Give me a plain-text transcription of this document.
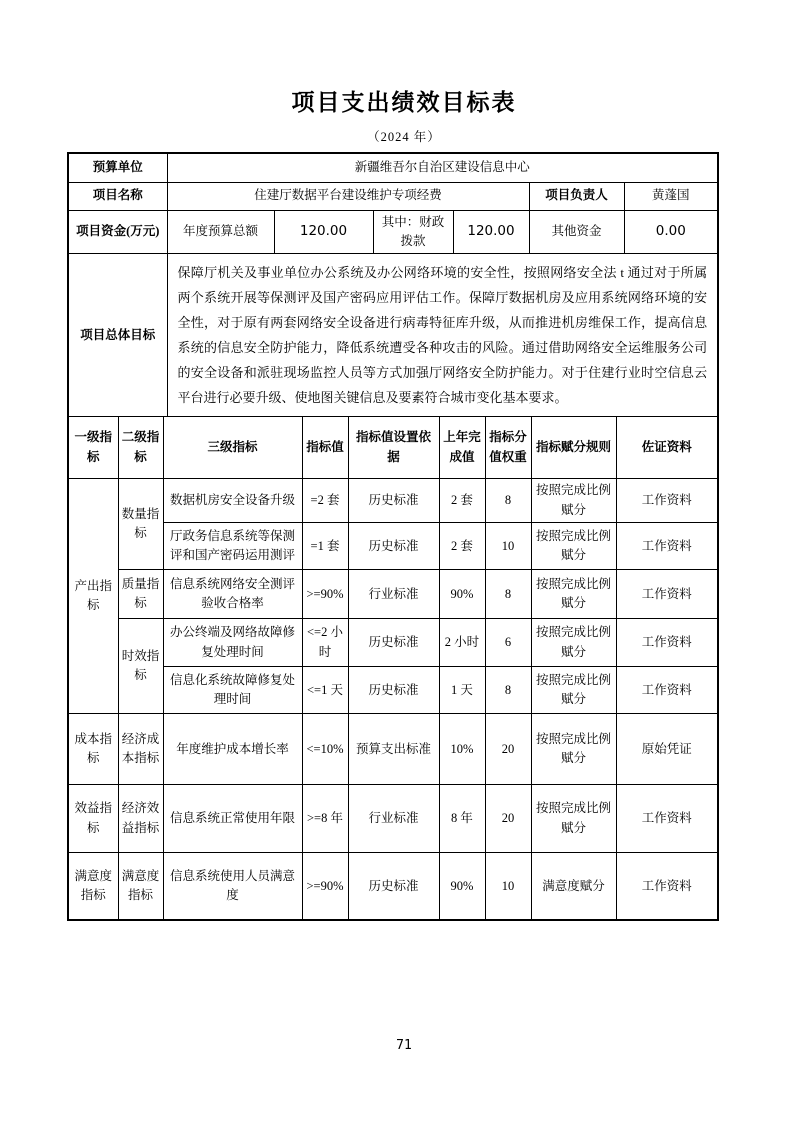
项目支出绩效目标表
（2024 年）
预算单位	新疆维吾尔自治区建设信息中心					
项目名称	住建厅数据平台建设维护专项经费				项目负责人	黄蓬国
项目资金(万元)	年度预算总额	120.00	其中：财政拨款	120.00	其他资金	0.00
项目总体目标	保障厅机关及事业单位办公系统及办公网络环境的安全性，按照网络安全法 t 通过对于所属两个系统开展等保测评及国产密码应用评估工作。保障厅数据机房及应用系统网络环境的安全性，对于原有两套网络安全设备进行病毒特征库升级，从而推进机房维保工作，提高信息系统的信息安全防护能力，降低系统遭受各种攻击的风险。通过借助网络安全运维服务公司的安全设备和派驻现场监控人员等方式加强厅网络安全防护能力。对于住建行业时空信息云平台进行必要升级、使地图关键信息及要素符合城市变化基本要求。					
一级指标	二级指标	三级指标	指标值	指标值设置依据	上年完成值	指标分值权重	指标赋分规则	佐证资料
产出指标	数量指标	数据机房安全设备升级	=2 套	历史标准	2 套	8	按照完成比例赋分	工作资料
		厅政务信息系统等保测评和国产密码运用测评	=1 套	历史标准	2 套	10	按照完成比例赋分	工作资料
	质量指标	信息系统网络安全测评验收合格率	>=90%	行业标准	90%	8	按照完成比例赋分	工作资料
	时效指标	办公终端及网络故障修复处理时间	<=2 小时	历史标准	2 小时	6	按照完成比例赋分	工作资料
		信息化系统故障修复处理时间	<=1 天	历史标准	1 天	8	按照完成比例赋分	工作资料
成本指标	经济成本指标	年度维护成本增长率	<=10%	预算支出标准	10%	20	按照完成比例赋分	原始凭证
效益指标	经济效益指标	信息系统正常使用年限	>=8 年	行业标准	8 年	20	按照完成比例赋分	工作资料
满意度指标	满意度指标	信息系统使用人员满意度	>=90%	历史标准	90%	10	满意度赋分	工作资料
71
